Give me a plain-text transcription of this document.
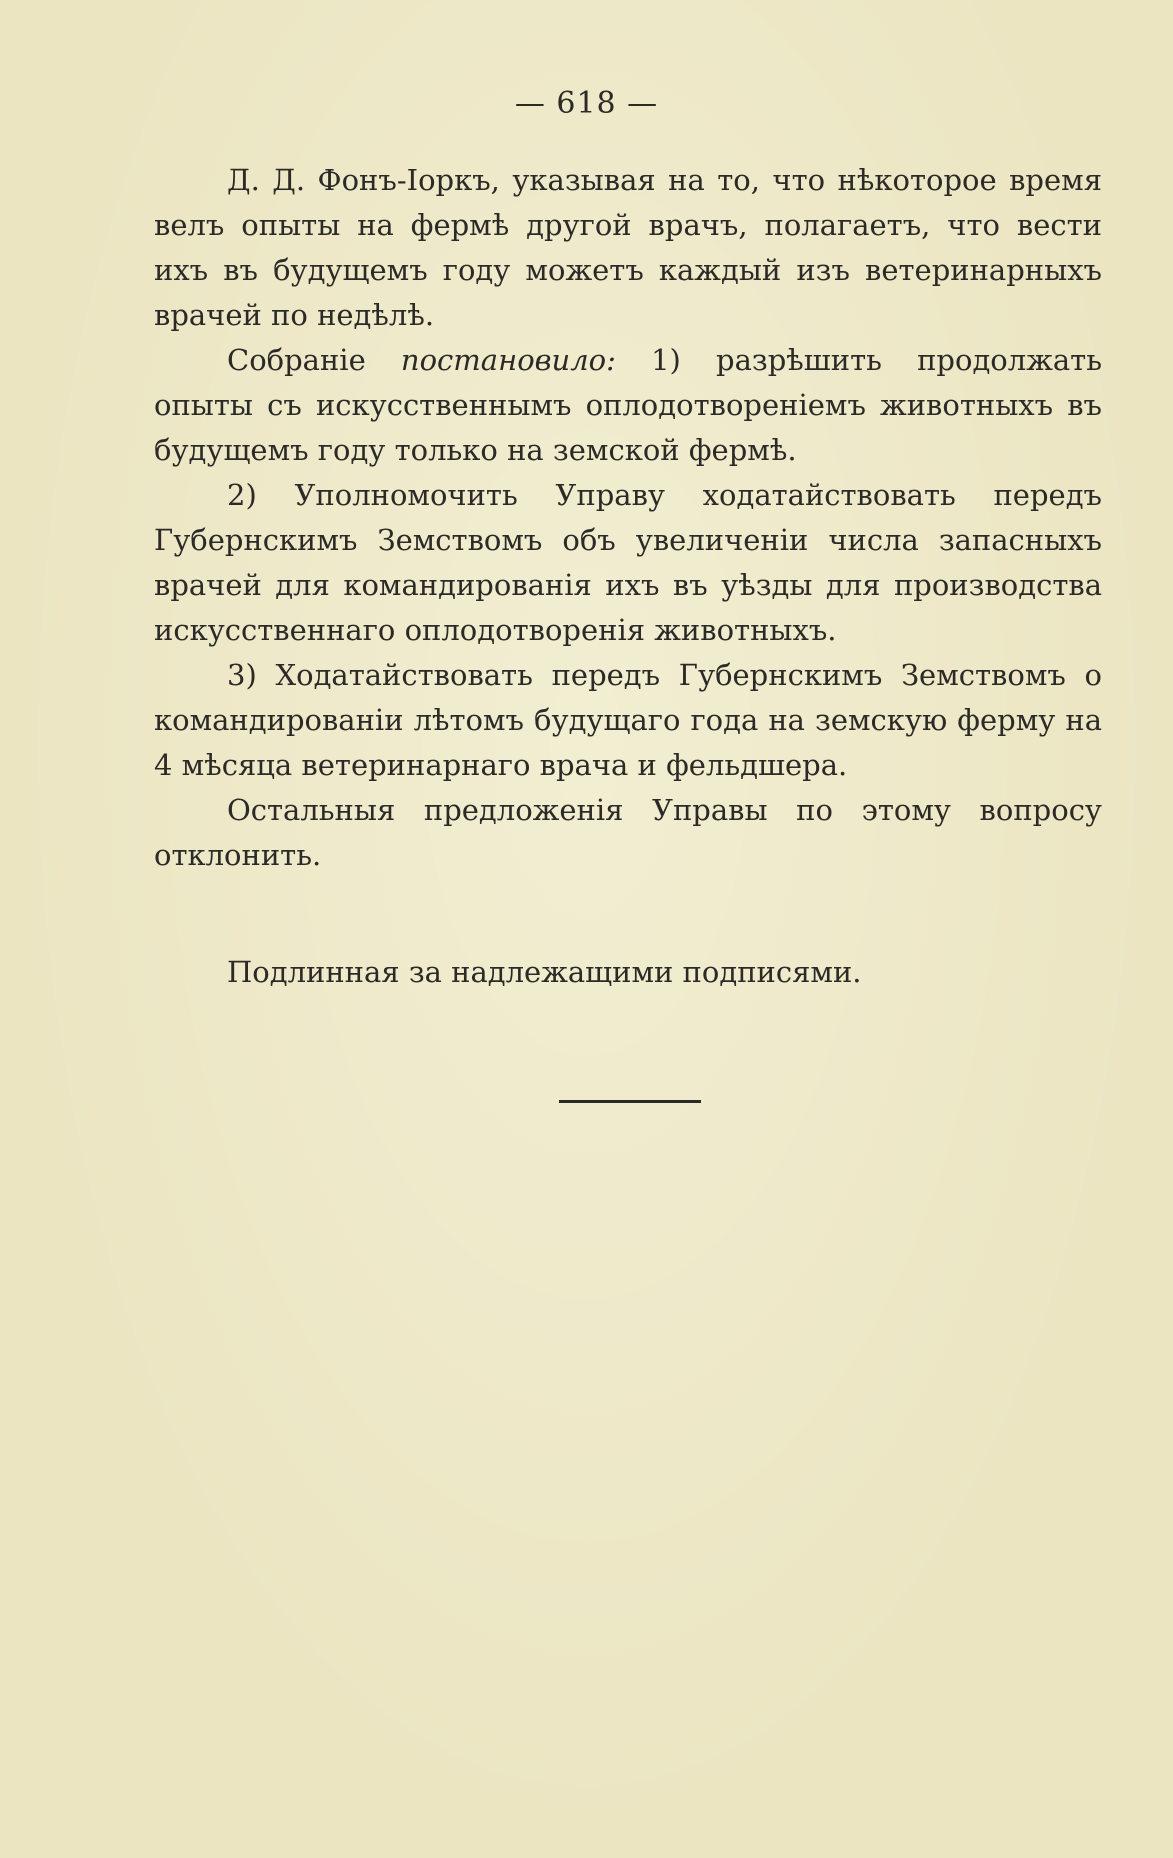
— 618 —

Д. Д. Фонъ-Іоркъ, указывая на то, что нѣкоторое время велъ опыты на фермѣ другой врачъ, полагаетъ, что вести ихъ въ будущемъ году можетъ каждый изъ ветеринарныхъ врачей по недѣлѣ.

Собраніе постановило: 1) разрѣшить продолжать опыты съ искусственнымъ оплодотвореніемъ животныхъ въ будущемъ году только на земской фермѣ.

2) Уполномочить Управу ходатайствовать передъ Губернскимъ Земствомъ объ увеличеніи числа запасныхъ врачей для командированія ихъ въ уѣзды для производства искусственнаго оплодотворенія животныхъ.

3) Ходатайствовать передъ Губернскимъ Земствомъ о командированіи лѣтомъ будущаго года на земскую ферму на 4 мѣсяца ветеринарнаго врача и фельдшера.

Остальныя предложенія Управы по этому вопросу отклонить.

Подлинная за надлежащими подписями.
